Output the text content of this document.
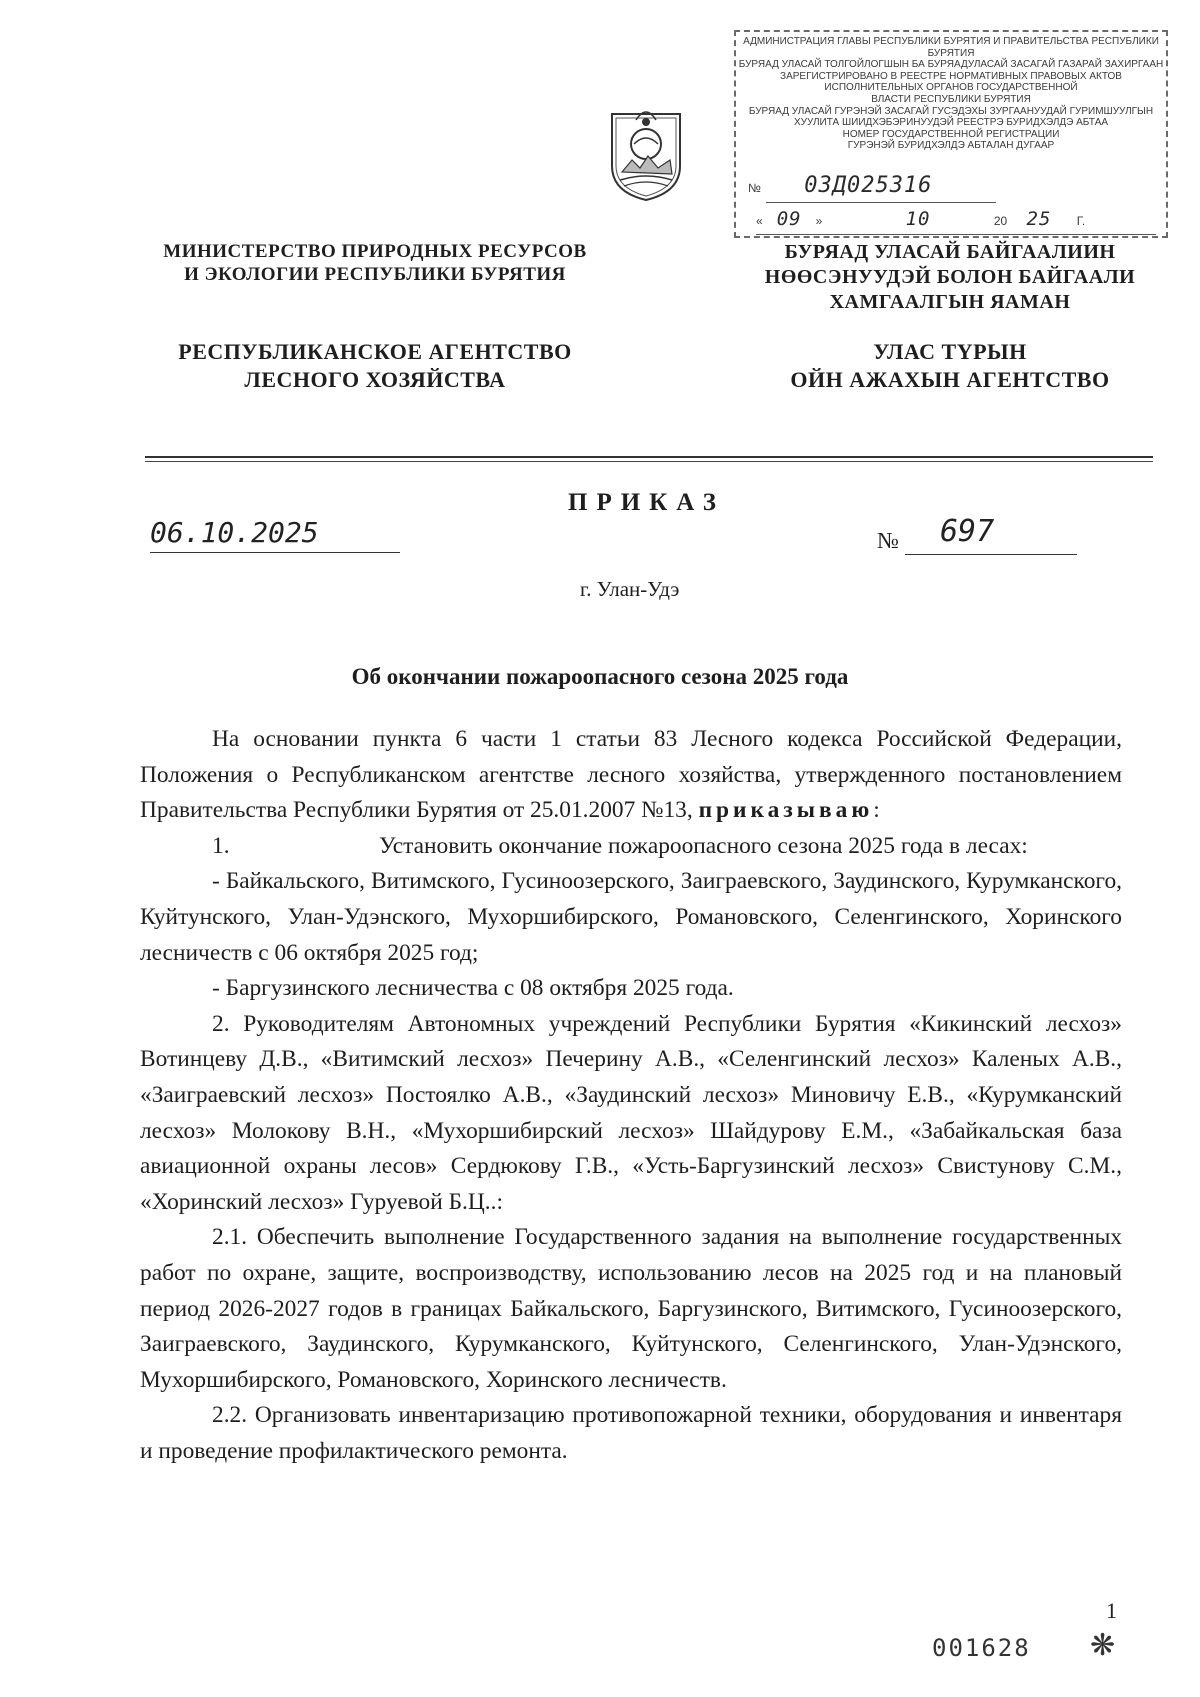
АДМИНИСТРАЦИЯ ГЛАВЫ РЕСПУБЛИКИ БУРЯТИЯ И ПРАВИТЕЛЬСТВА РЕСПУБЛИКИ БУРЯТИЯ
БУРЯАД УЛАСАЙ ТОЛГОЙЛОГШЫН БА БУРЯАДУЛАСАЙ ЗАСАГАЙ ГАЗАРАЙ ЗАХИРГААН
ЗАРЕГИСТРИРОВАНО В РЕЕСТРЕ НОРМАТИВНЫХ ПРАВОВЫХ АКТОВ
ИСПОЛНИТЕЛЬНЫХ ОРГАНОВ ГОСУДАРСТВЕННОЙ
ВЛАСТИ РЕСПУБЛИКИ БУРЯТИЯ
БУРЯАД УЛАСАЙ ГУРЭНЭЙ ЗАСАГАЙ ГУСЭДЭХЫ ЗУРГААНУУДАЙ ГУРИМШУУЛГЫН
ХУУЛИТА ШИИДХЭБЭРИНУУДЭЙ РЕЕСТРЭ БУРИДХЭЛДЭ АБТАА
НОМЕР ГОСУДАРСТВЕННОЙ РЕГИСТРАЦИИ
ГУРЭНЭЙ БУРИДХЭЛДЭ АБТАЛАН ДУГААР
№ 03Д025316
« 09 »	10	20 25 Г.
МИНИСТЕРСТВО ПРИРОДНЫХ РЕСУРСОВ
И ЭКОЛОГИИ РЕСПУБЛИКИ БУРЯТИЯ
РЕСПУБЛИКАНСКОЕ АГЕНТСТВО
ЛЕСНОГО ХОЗЯЙСТВА
БУРЯАД УЛАСАЙ БАЙГААЛИИН
НӨӨСЭНУУДЭЙ БОЛОН БАЙГААЛИ
ХАМГААЛГЫН ЯАМАН
УЛАС ТYРЫН
ОЙН АЖАХЫН АГЕНТСТВО
ПРИКАЗ
06.10.2025	№ 697
г. Улан-Удэ
Об окончании пожароопасного сезона 2025 года

На основании пункта 6 части 1 статьи 83 Лесного кодекса Российской Федерации, Положения о Республиканском агентстве лесного хозяйства, утвержденного постановлением Правительства Республики Бурятия от 25.01.2007 №13, приказываю:

1.	Установить окончание пожароопасного сезона 2025 года в лесах:

- Байкальского, Витимского, Гусиноозерского, Заиграевского, Заудинского, Курумканского, Куйтунского, Улан-Удэнского, Мухоршибирского, Романовского, Селенгинского, Хоринского лесничеств с 06 октября 2025 год;

- Баргузинского лесничества с 08 октября 2025 года.

2. Руководителям Автономных учреждений Республики Бурятия «Кикинский лесхоз» Вотинцеву Д.В., «Витимский лесхоз» Печерину А.В., «Селенгинский лесхоз» Каленых А.В., «Заиграевский лесхоз» Постоялко А.В., «Заудинский лесхоз» Миновичу Е.В., «Курумканский лесхоз» Молокову В.Н., «Мухоршибирский лесхоз» Шайдурову Е.М., «Забайкальская база авиационной охраны лесов» Сердюкову Г.В., «Усть-Баргузинский лесхоз» Свистунову С.М., «Хоринский лесхоз» Гуруевой Б.Ц..:

2.1. Обеспечить выполнение Государственного задания на выполнение государственных работ по охране, защите, воспроизводству, использованию лесов на 2025 год и на плановый период 2026-2027 годов в границах Байкальского, Баргузинского, Витимского, Гусиноозерского, Заиграевского, Заудинского, Курумканского, Куйтунского, Селенгинского, Улан-Удэнского, Мухоршибирского, Романовского, Хоринского лесничеств.

2.2. Организовать инвентаризацию противопожарной техники, оборудования и инвентаря и проведение профилактического ремонта.

1
001628 ❋
